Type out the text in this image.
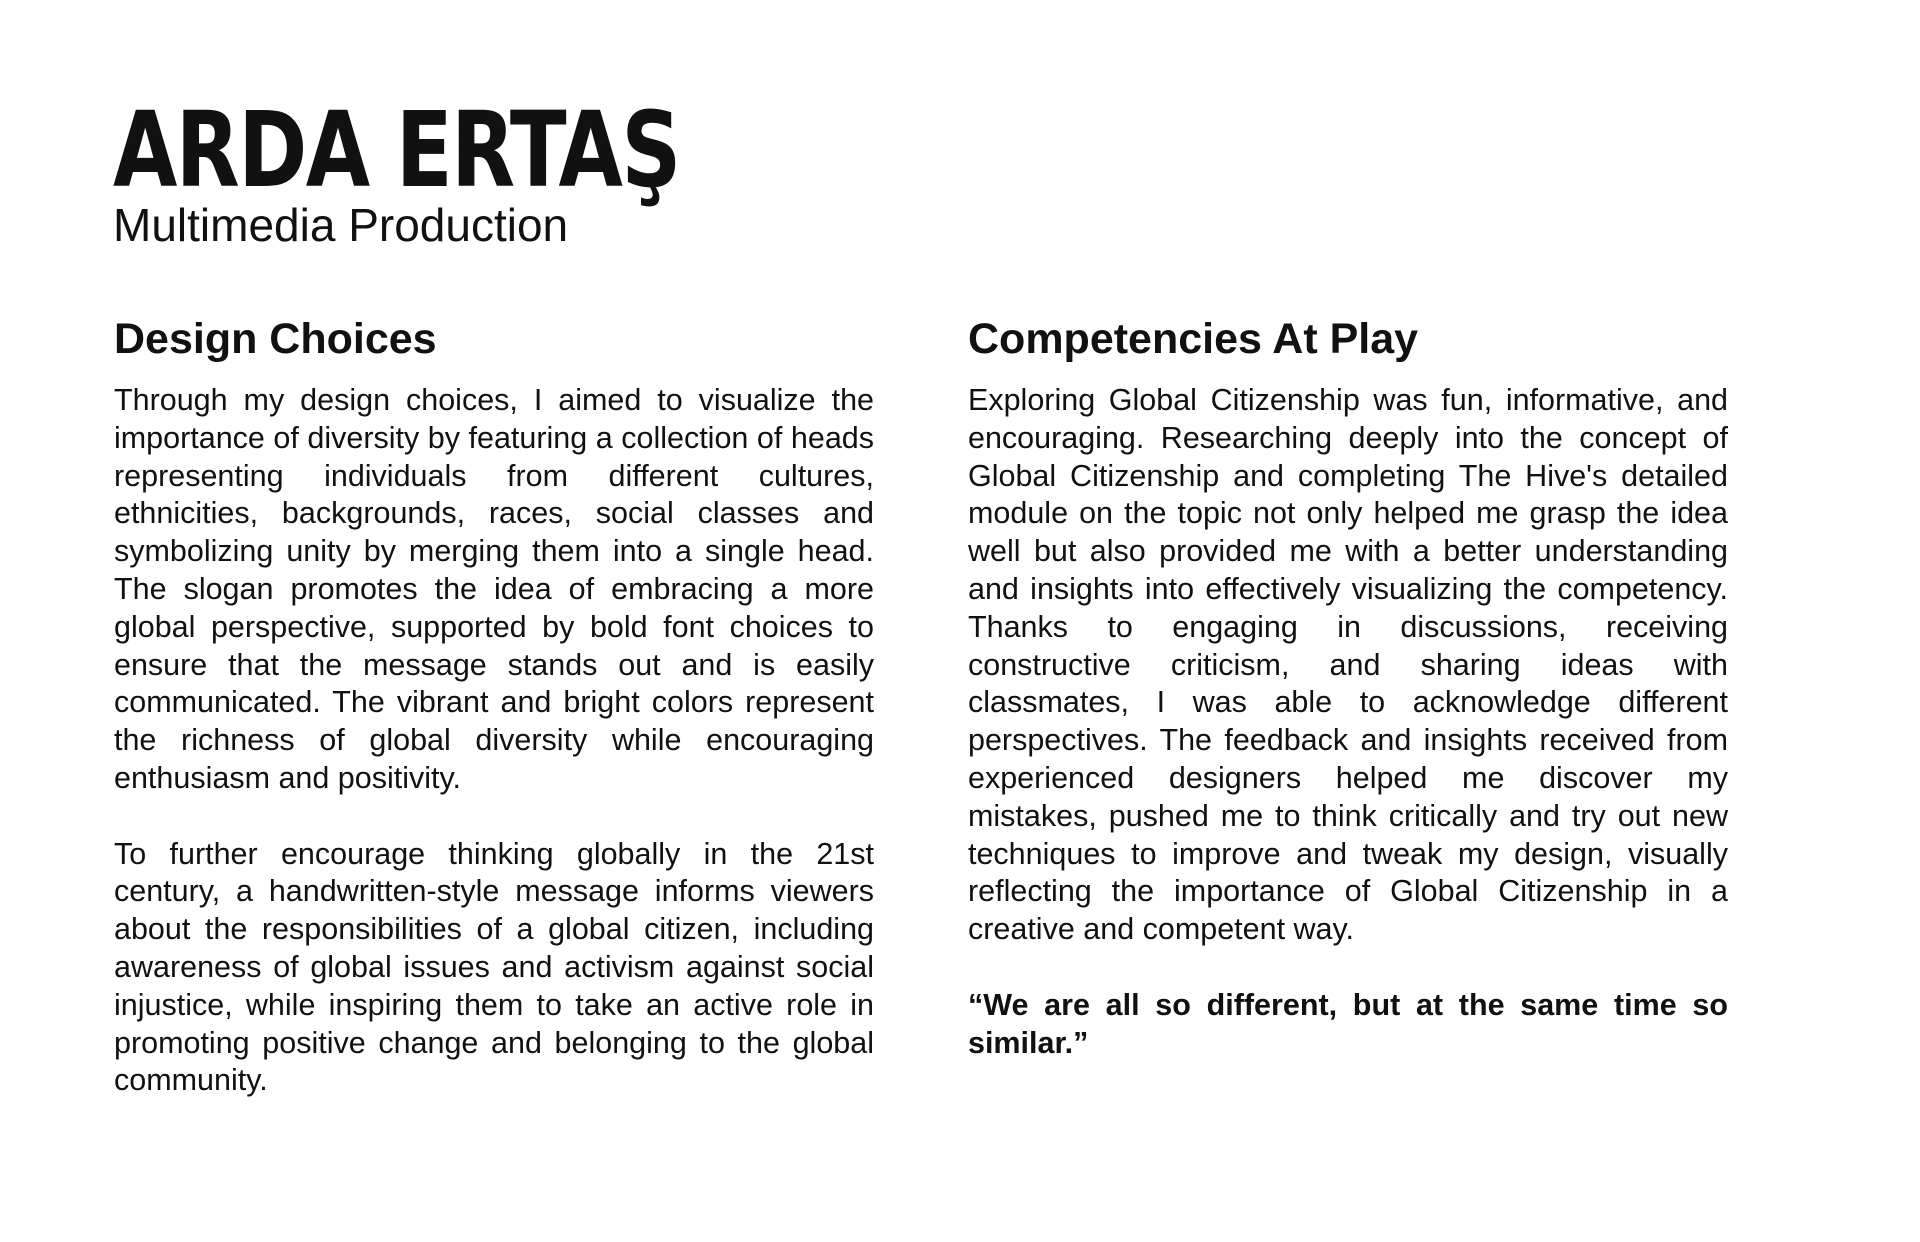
ARDA ERTAŞ
Multimedia Production
Design Choices

Through my design choices, I aimed to visualize the importance of diversity by featuring a collection of heads representing individuals from different cultures, ethnicities, backgrounds, races, social classes and symbolizing unity by merging them into a single head. The slogan promotes the idea of embracing a more global perspective, supported by bold font choices to ensure that the message stands out and is easily communicated. The vibrant and bright colors represent the richness of global diversity while encouraging enthusiasm and positivity.

To further encourage thinking globally in the 21st century, a handwritten-style message informs viewers about the responsibilities of a global citizen, including awareness of global issues and activism against social injustice, while inspiring them to take an active role in promoting positive change and belonging to the global community.

Competencies At Play

Exploring Global Citizenship was fun, informative, and encouraging. Researching deeply into the concept of Global Citizenship and completing The Hive's detailed module on the topic not only helped me grasp the idea well but also provided me with a better understanding and insights into effectively visualizing the competency. Thanks to engaging in discussions, receiving constructive criticism, and sharing ideas with classmates, I was able to acknowledge different perspectives. The feedback and insights received from experienced designers helped me discover my mistakes, pushed me to think critically and try out new techniques to improve and tweak my design, visually reflecting the importance of Global Citizenship in a creative and competent way.

“We are all so different, but at the same time so similar.”
